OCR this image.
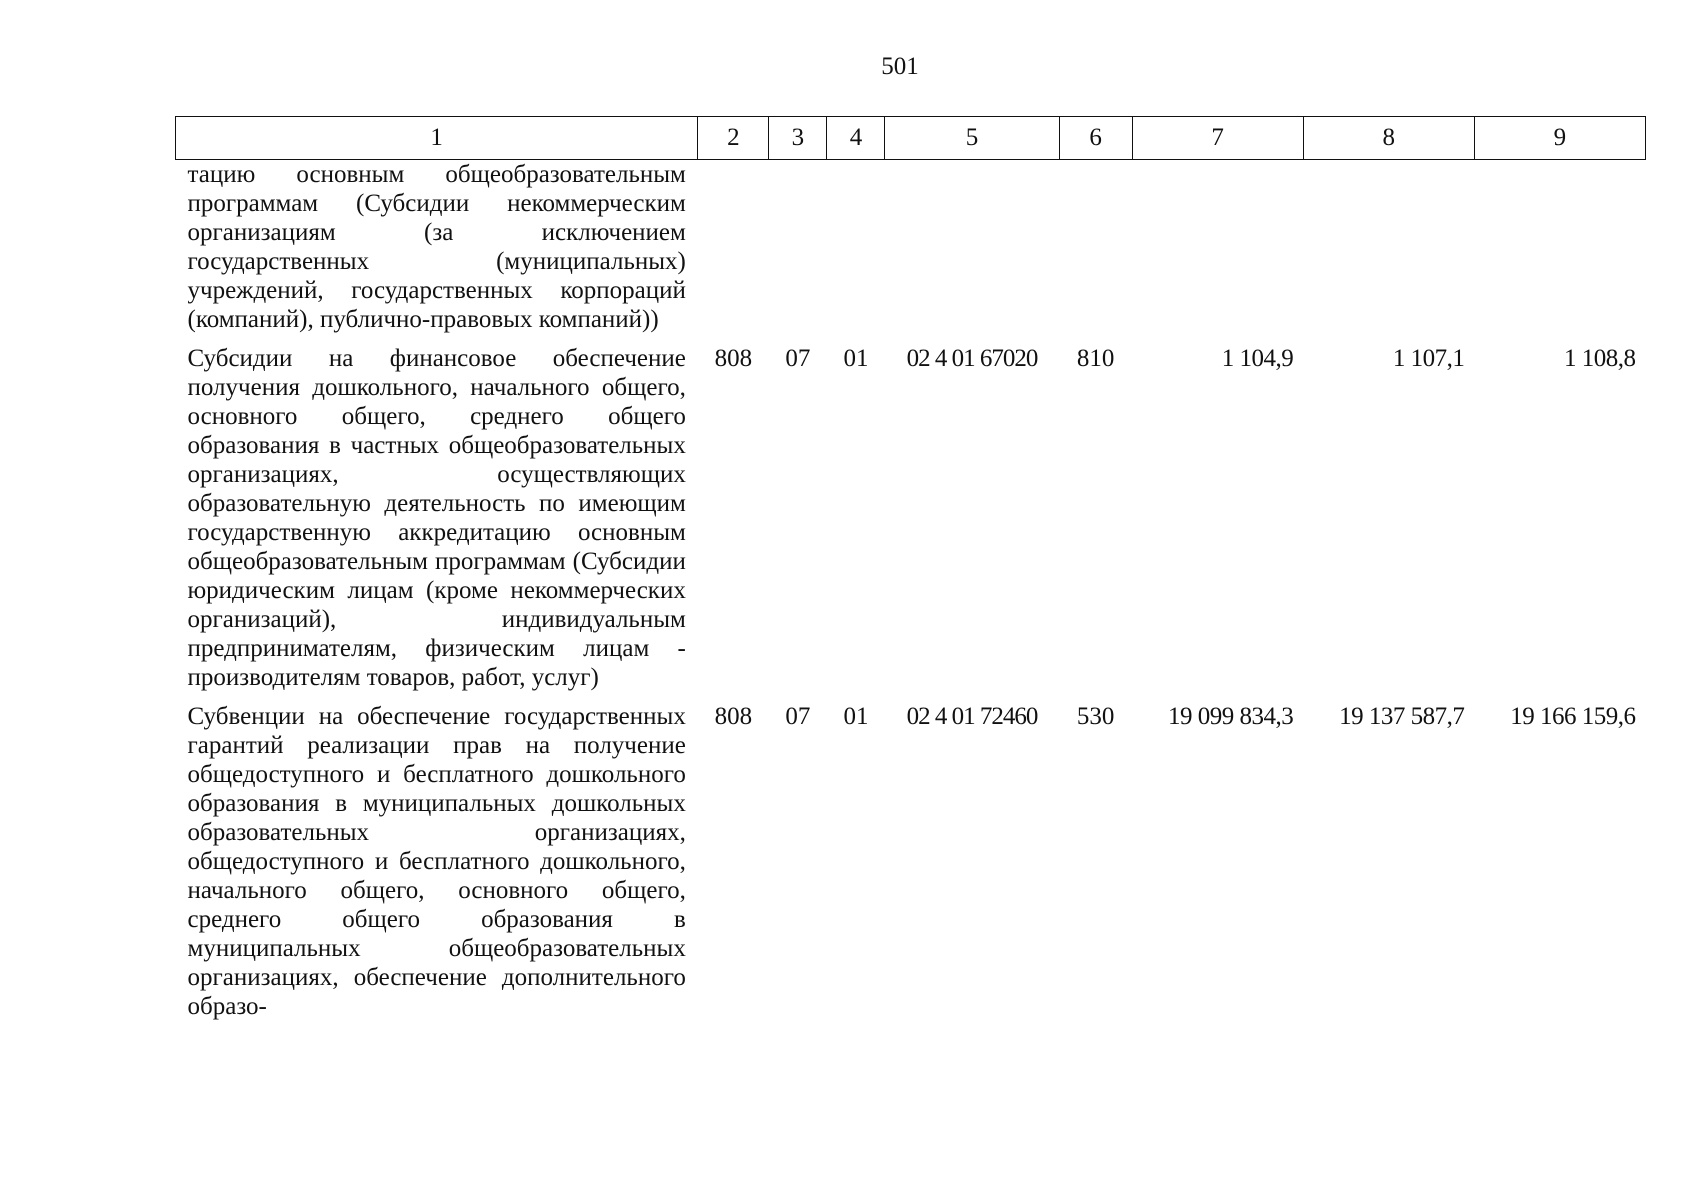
501
1	2	3	4	5	6	7	8	9
тацию основным общеобразовательным программам (Субсидии некоммерческим организациям (за исключением государственных (муниципальных) учреждений, государственных корпораций (компаний), публично-правовых компаний))								

Субсидии на финансовое обеспечение получения дошкольного, начального общего, основного общего, среднего общего образования в частных общеобразовательных организациях, осуществляющих образовательную деятельность по имеющим государственную аккредитацию основным общеобразовательным программам (Субсидии юридическим лицам (кроме некоммерческих организаций), индивидуальным предпринимателям, физическим лицам - производителям товаров, работ, услуг)	808	07	01	02 4 01 67020	810	1 104,9	1 107,1	1 108,8

Субвенции на обеспечение государственных гарантий реализации прав на получение общедоступного и бесплатного дошкольного образования в муниципальных дошкольных образовательных организациях, общедоступного и бесплатного дошкольного, начального общего, основного общего, среднего общего образования в муниципальных общеобразовательных организациях, обеспечение дополнительного образо-	808	07	01	02 4 01 72460	530	19 099 834,3	19 137 587,7	19 166 159,6
